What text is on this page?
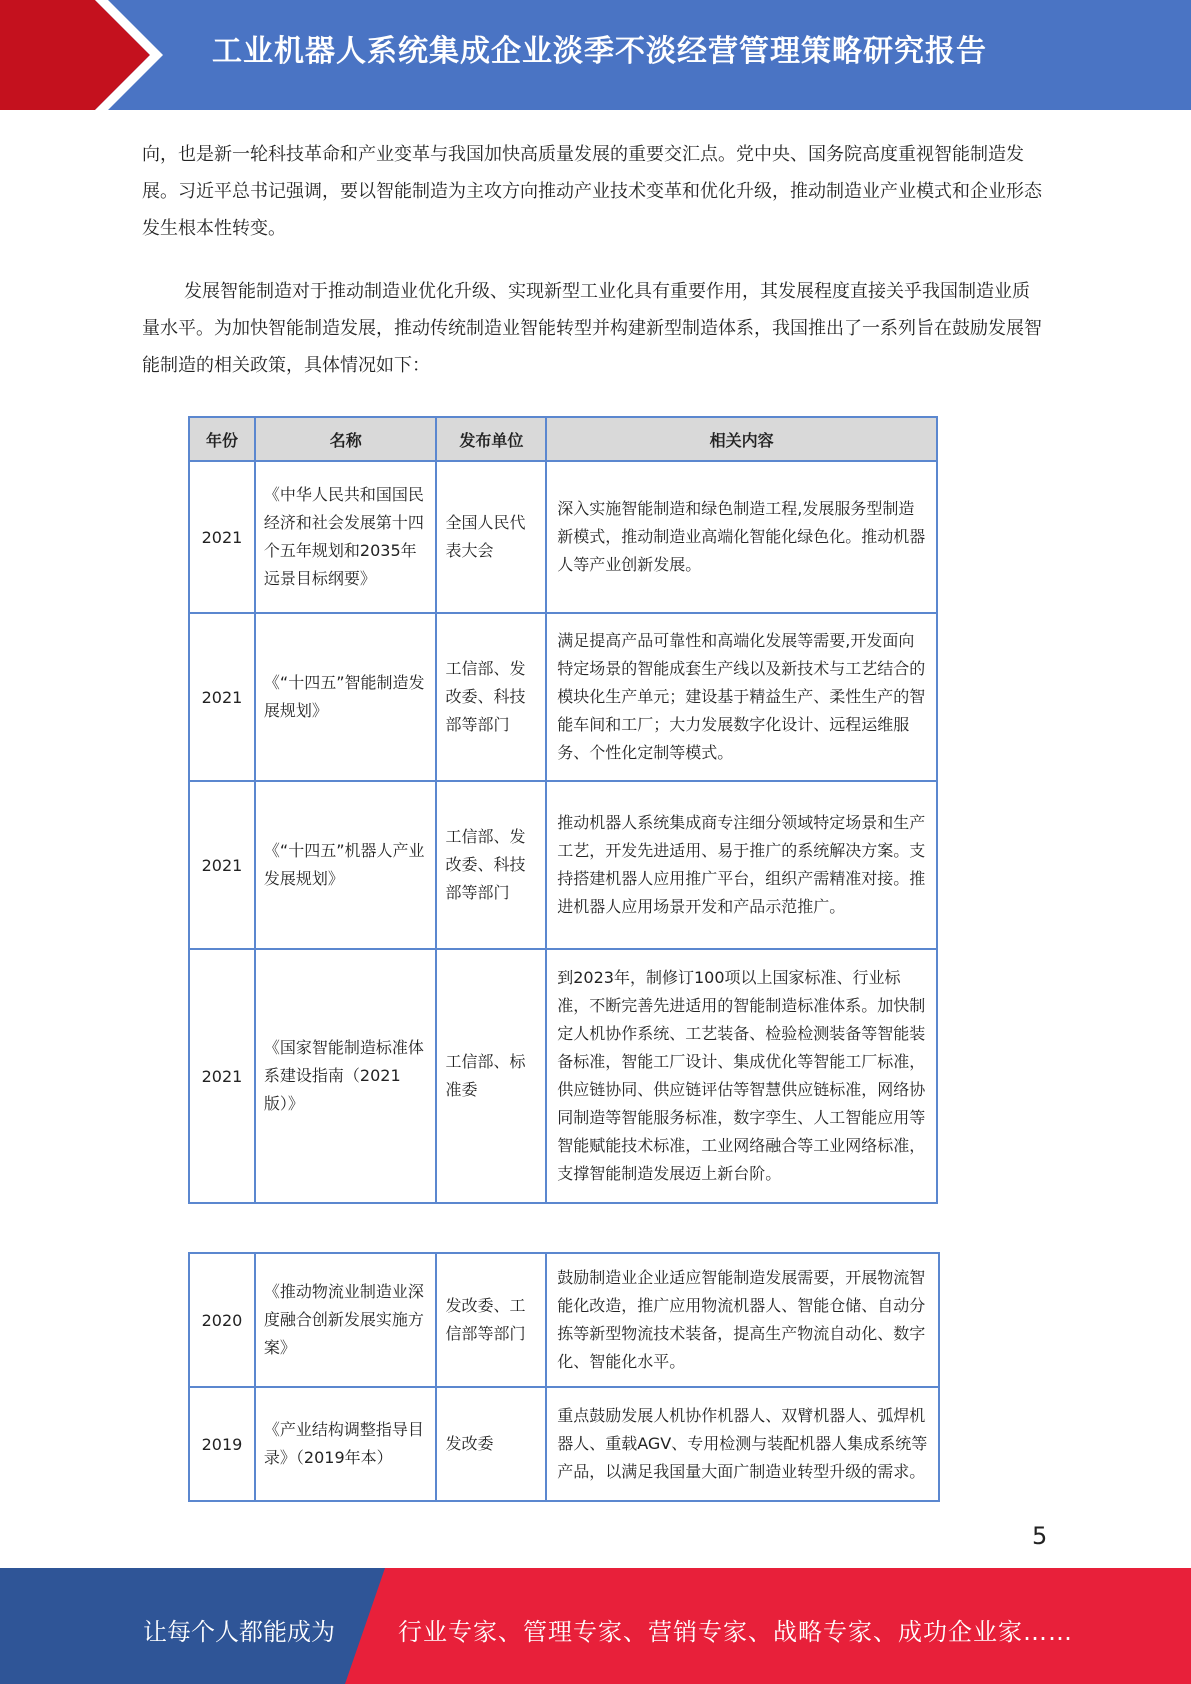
工业机器人系统集成企业淡季不淡经营管理策略研究报告
向，也是新一轮科技革命和产业变革与我国加快高质量发展的重要交汇点。党中央、国务院高度重视智能制造发展。习近平总书记强调，要以智能制造为主攻方向推动产业技术变革和优化升级，推动制造业产业模式和企业形态发生根本性转变。
发展智能制造对于推动制造业优化升级、实现新型工业化具有重要作用，其发展程度直接关乎我国制造业质量水平。为加快智能制造发展，推动传统制造业智能转型并构建新型制造体系，我国推出了一系列旨在鼓励发展智能制造的相关政策，具体情况如下：
年份	名称	发布单位	相关内容
2021	《中华人民共和国国民经济和社会发展第十四个五年规划和2035年远景目标纲要》	全国人民代表大会	深入实施智能制造和绿色制造工程,发展服务型制造新模式，推动制造业高端化智能化绿色化。推动机器人等产业创新发展。
2021	《“十四五”智能制造发展规划》	工信部、发改委、科技部等部门	满足提高产品可靠性和高端化发展等需要,开发面向特定场景的智能成套生产线以及新技术与工艺结合的模块化生产单元；建设基于精益生产、柔性生产的智能车间和工厂；大力发展数字化设计、远程运维服务、个性化定制等模式。
2021	《“十四五”机器人产业发展规划》	工信部、发改委、科技部等部门	推动机器人系统集成商专注细分领域特定场景和生产工艺，开发先进适用、易于推广的系统解决方案。支持搭建机器人应用推广平台，组织产需精准对接。推进机器人应用场景开发和产品示范推广。
2021	《国家智能制造标准体系建设指南（2021版）》	工信部、标准委	到2023年，制修订100项以上国家标准、行业标准，不断完善先进适用的智能制造标准体系。加快制定人机协作系统、工艺装备、检验检测装备等智能装备标准，智能工厂设计、集成优化等智能工厂标准，供应链协同、供应链评估等智慧供应链标准，网络协同制造等智能服务标准，数字孪生、人工智能应用等智能赋能技术标准，工业网络融合等工业网络标准，支撑智能制造发展迈上新台阶。
2020	《推动物流业制造业深度融合创新发展实施方案》	发改委、工信部等部门	鼓励制造业企业适应智能制造发展需要，开展物流智能化改造，推广应用物流机器人、智能仓储、自动分拣等新型物流技术装备，提高生产物流自动化、数字化、智能化水平。
2019	《产业结构调整指导目录》（2019年本）	发改委	重点鼓励发展人机协作机器人、双臂机器人、弧焊机器人、重载AGV、专用检测与装配机器人集成系统等产品，以满足我国量大面广制造业转型升级的需求。
5
让每个人都能成为	行业专家、管理专家、营销专家、战略专家、成功企业家……
